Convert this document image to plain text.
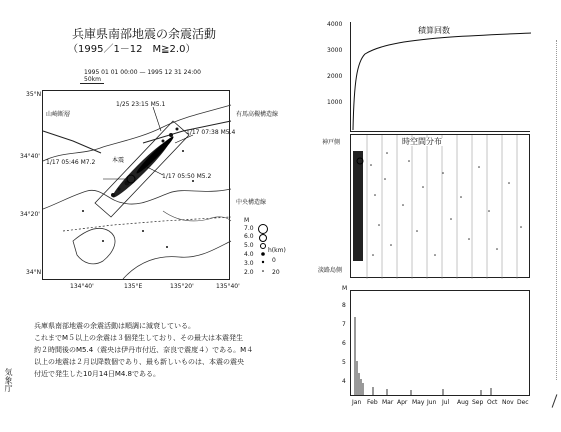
兵庫県南部地震の余震活動
（1995／1－12　M≧2.0）
1995 01 01 00:00 — 1995 12 31 24:00
50km
35°N
34°40'
34°20'
34°N
134°40'	135°E	135°20'	135°40'
山崎断層	有馬高槻構造線
中央構造線
本震
1/17 05:46 M7.2
1/25 23:15 M5.1
1/17 07:38 M5.4
1/17 05:50 M5.2
M
7.0
6.0
5.0
4.0
3.0
2.0
h(km)
0
20
兵庫県南部地震の余震活動は順調に減衰している。
これまでM５以上の余震は３個発生しており、その最大は本震発生
約２時間後のM5.4（震央は伊丹市付近、奈良で震度４）である。M４
以上の地震は２月以降数個であり、最も新しいものは、本震の震央
付近で発生した10月14日M4.8である。
気象庁
積算回数
4000
3000
2000
1000
神戸側
淡路島側
時空間分布
M
8
7
6
5
4
Jan Feb Mar Apr May Jun Jul Aug Sep Oct Nov Dec
